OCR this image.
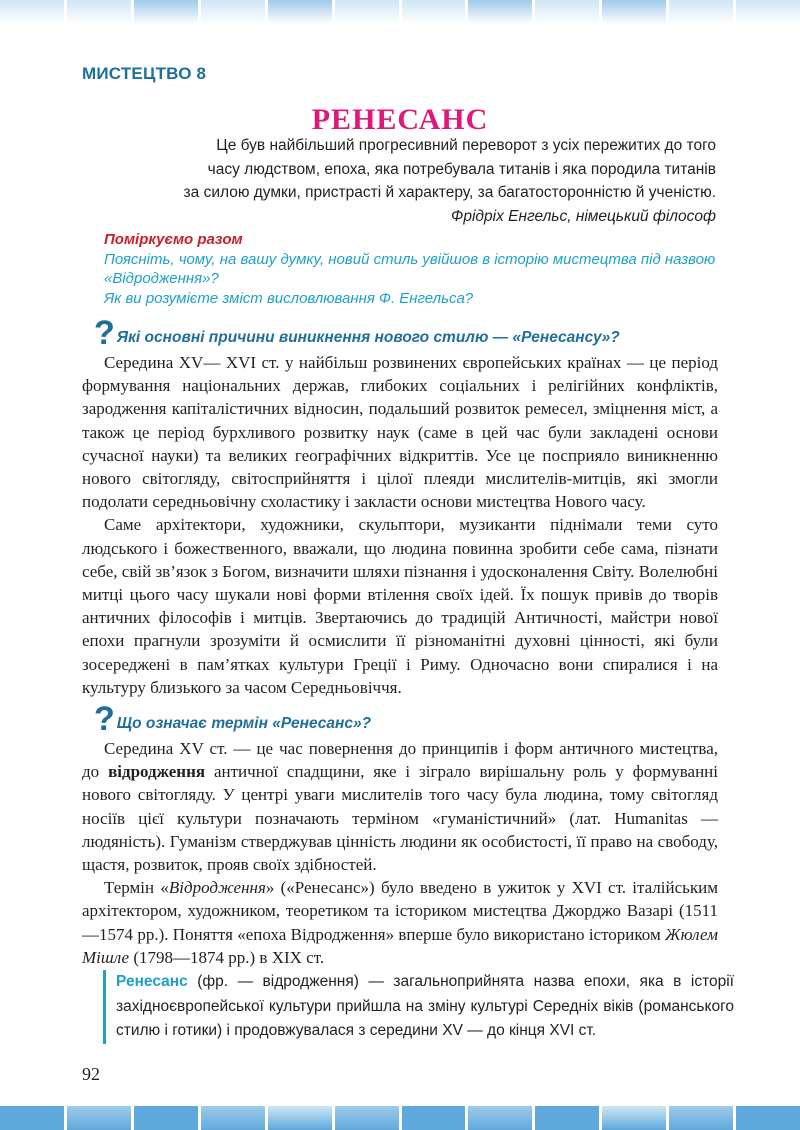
МИСТЕЦТВО 8
РЕНЕСАНС
Це був найбільший прогресивний переворот з усіх пережитих до того
часу людством, епоха, яка потребувала титанів і яка породила титанів
за силою думки, пристрасті й характеру, за багатосторонністю й ученістю.
Фрідріх Енгельс, німецький філософ
Поміркуємо разом
Поясніть, чому, на вашу думку, новий стиль увійшов в історію мистецтва під назвою «Відродження»?
Як ви розумієте зміст висловлювання Ф. Енгельса?
? Які основні причини виникнення нового стилю — «Ренесансу»?

Середина XV— XVI ст. у найбільш розвинених європейських країнах — це період формування національних держав, глибоких соціальних і релігійних конфліктів, зародження капіталістичних відносин, подальший розвиток ремесел, зміцнення міст, а також це період бурхливого розвитку наук (саме в цей час були закладені основи сучасної науки) та великих географічних відкриттів. Усе це посприяло виникненню нового світогляду, світосприйняття і цілої плеяди мислителів-митців, які змогли подолати середньовічну схоластику і закласти основи мистецтва Нового часу.

Саме архітектори, художники, скульптори, музиканти піднімали теми суто людського і божественного, вважали, що людина повинна зробити себе сама, пізнати себе, свій зв’язок з Богом, визначити шляхи пізнання і удосконалення Світу. Волелюбні митці цього часу шукали нові форми втілення своїх ідей. Їх пошук привів до творів античних філософів і митців. Звертаючись до традицій Античності, майстри нової епохи прагнули зрозуміти й осмислити її різноманітні духовні цінності, які були зосереджені в пам’ятках культури Греції і Риму. Одночасно вони спиралися і на культуру близького за часом Середньовіччя.

? Що означає термін «Ренесанс»?

Середина XV ст. — це час повернення до принципів і форм античного мистецтва, до відродження античної спадщини, яке і зіграло вирішальну роль у формуванні нового світогляду. У центрі уваги мислителів того часу була людина, тому світогляд носіїв цієї культури позначають терміном «гуманістичний» (лат. Humanitas — людяність). Гуманізм стверджував цінність людини як особистості, її право на свободу, щастя, розвиток, прояв своїх здібностей.

Термін «Відродження» («Ренесанс») було введено в ужиток у XVI ст. італійським архітектором, художником, теоретиком та істориком мистецтва Джорджо Вазарі (1511—1574 рр.). Поняття «епоха Відродження» вперше було використано істориком Жюлем Мішле (1798—1874 рр.) в XIX ст.

Ренесанс (фр. — відродження) — загальноприйнята назва епохи, яка в історії західноєвропейської культури прийшла на зміну культурі Середніх віків (романського стилю і готики) і продовжувалася з середини XV — до кінця XVI ст.
92
